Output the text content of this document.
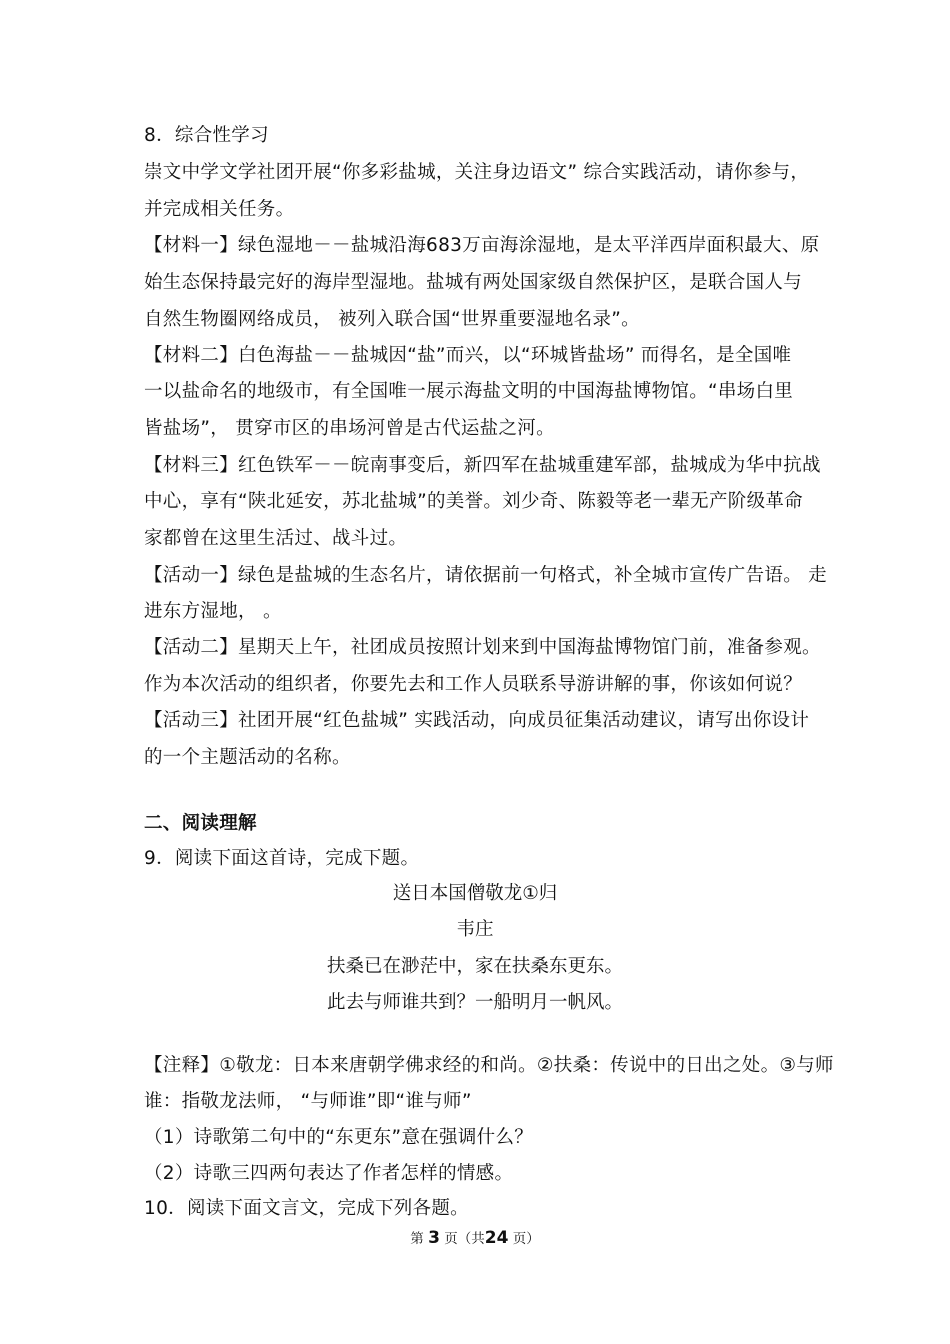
8．综合性学习
崇文中学文学社团开展“你多彩盐城，关注身边语文” 综合实践活动，请你参与，
并完成相关任务。
【材料一】绿色湿地－－盐城沿海683万亩海涂湿地，是太平洋西岸面积最大、原
始生态保持最完好的海岸型湿地。盐城有两处国家级自然保护区，是联合国人与
自然生物圈网络成员， 被列入联合国“世界重要湿地名录”。
【材料二】白色海盐－－盐城因“盐”而兴，以“环城皆盐场” 而得名，是全国唯
一以盐命名的地级市，有全国唯一展示海盐文明的中国海盐博物馆。“串场白里
皆盐场”， 贯穿市区的串场河曾是古代运盐之河。
【材料三】红色铁军－－皖南事变后，新四军在盐城重建军部，盐城成为华中抗战
中心，享有“陕北延安，苏北盐城”的美誉。刘少奇、陈毅等老一辈无产阶级革命
家都曾在这里生活过、战斗过。
【活动一】绿色是盐城的生态名片，请依据前一句格式，补全城市宣传广告语。 走
进东方湿地， 。
【活动二】星期天上午，社团成员按照计划来到中国海盐博物馆门前，准备参观。
作为本次活动的组织者，你要先去和工作人员联系导游讲解的事，你该如何说？
【活动三】社团开展“红色盐城” 实践活动，向成员征集活动建议，请写出你设计
的一个主题活动的名称。
二、阅读理解
9．阅读下面这首诗，完成下题。
送日本国僧敬龙①归
韦庄
扶桑已在渺茫中，家在扶桑东更东。
此去与师谁共到？一船明月一帆风。
【注释】①敬龙：日本来唐朝学佛求经的和尚。②扶桑：传说中的日出之处。③与师
谁：指敬龙法师， “与师谁”即“谁与师”
（1）诗歌第二句中的“东更东”意在强调什么？
（2）诗歌三四两句表达了作者怎样的情感。
10．阅读下面文言文，完成下列各题。
第 3 页（共24 页）
